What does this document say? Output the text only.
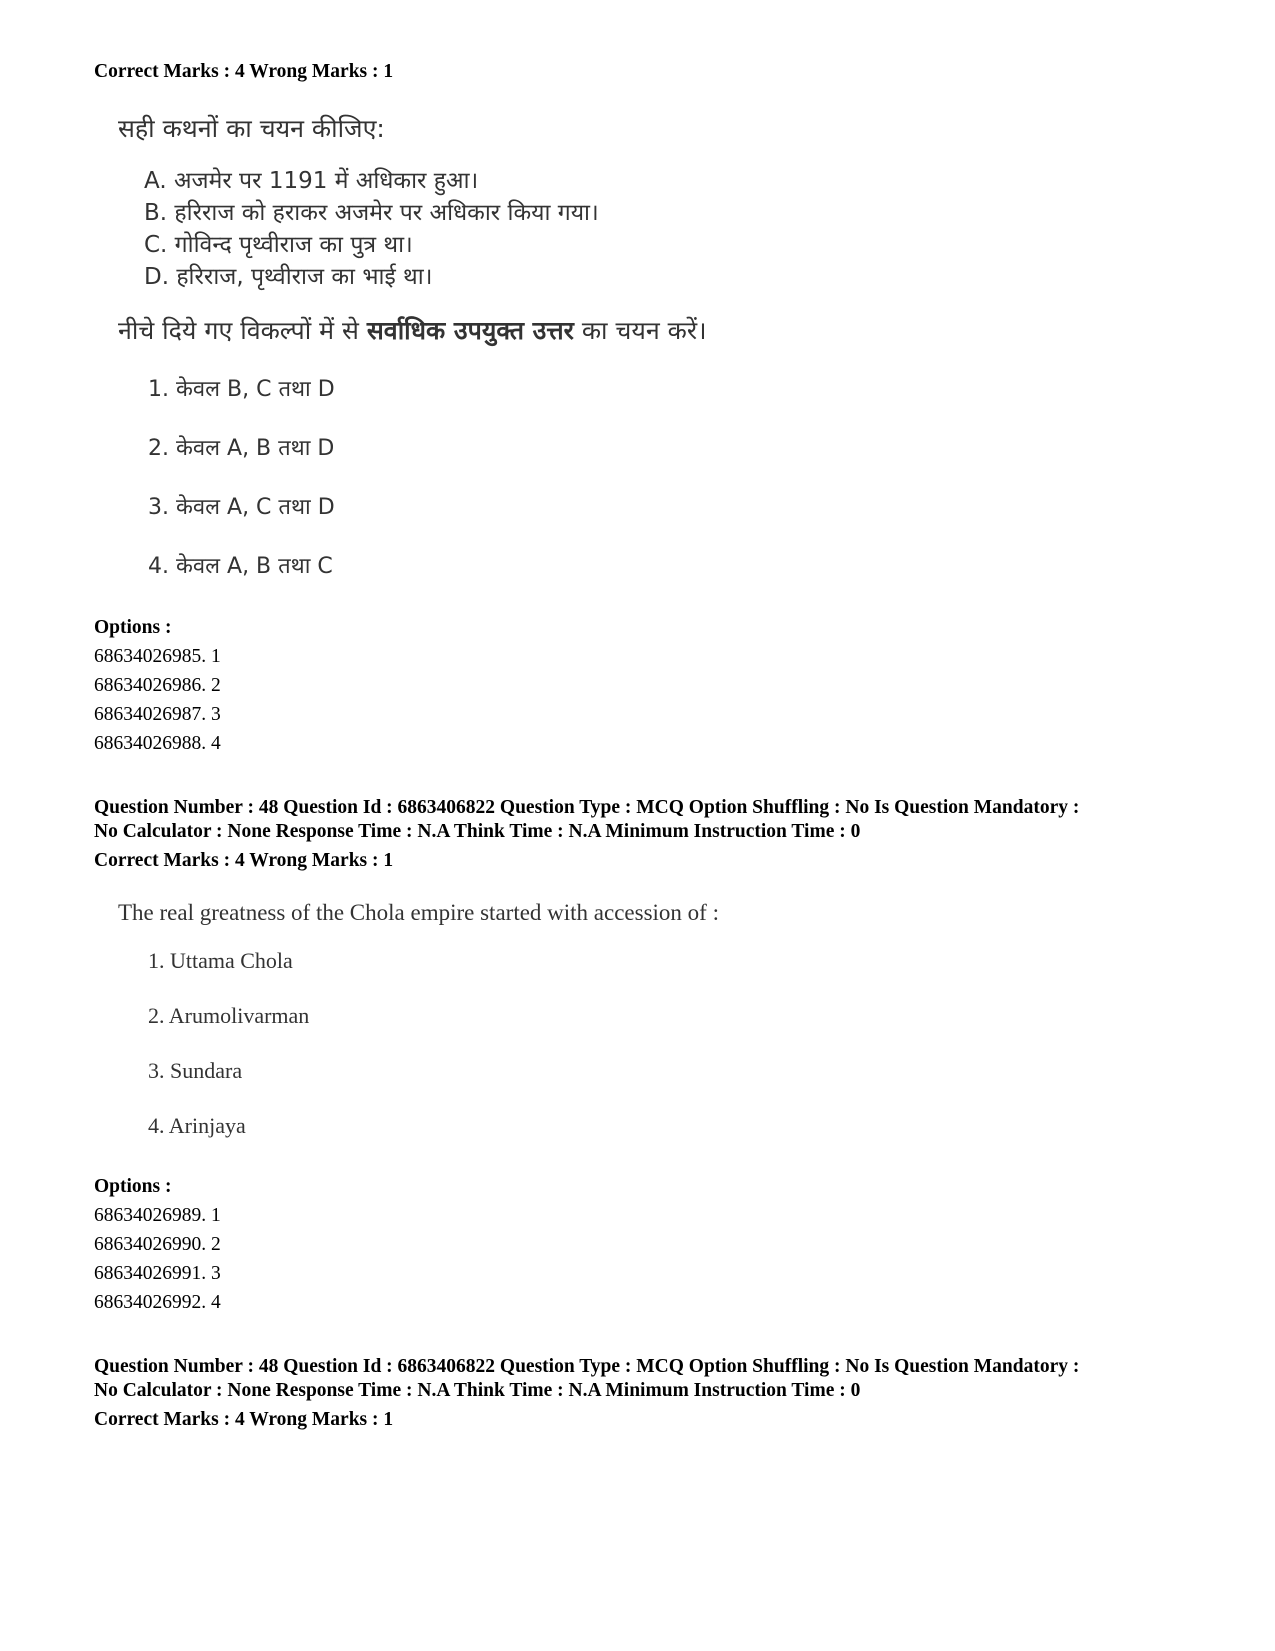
Correct Marks : 4 Wrong Marks : 1
सही कथनों का चयन कीजिए:
A. अजमेर पर 1191 में अधिकार हुआ।
B. हरिराज को हराकर अजमेर पर अधिकार किया गया।
C. गोविन्द पृथ्वीराज का पुत्र था।
D. हरिराज, पृथ्वीराज का भाई था।
नीचे दिये गए विकल्पों में से सर्वाधिक उपयुक्त उत्तर का चयन करें।
1. केवल B, C तथा D
2. केवल A, B तथा D
3. केवल A, C तथा D
4. केवल A, B तथा C
Options :
68634026985. 1
68634026986. 2
68634026987. 3
68634026988. 4
Question Number : 48 Question Id : 6863406822 Question Type : MCQ Option Shuffling : No Is Question Mandatory :
No Calculator : None Response Time : N.A Think Time : N.A Minimum Instruction Time : 0
Correct Marks : 4 Wrong Marks : 1
The real greatness of the Chola empire started with accession of :
1. Uttama Chola
2. Arumolivarman
3. Sundara
4. Arinjaya
Options :
68634026989. 1
68634026990. 2
68634026991. 3
68634026992. 4
Question Number : 48 Question Id : 6863406822 Question Type : MCQ Option Shuffling : No Is Question Mandatory :
No Calculator : None Response Time : N.A Think Time : N.A Minimum Instruction Time : 0
Correct Marks : 4 Wrong Marks : 1
